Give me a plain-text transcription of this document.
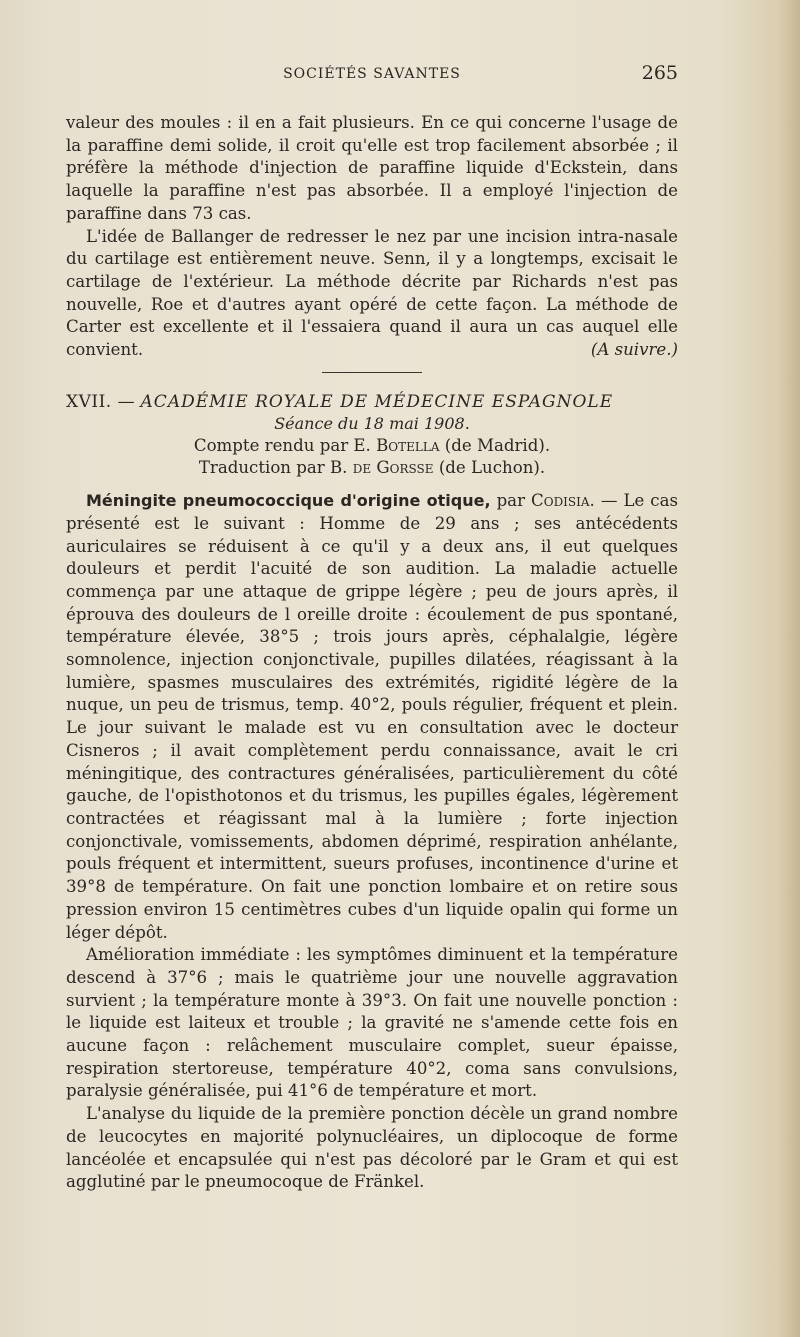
SOCIÉTÉS SAVANTES	265

valeur des moules : il en a fait plusieurs. En ce qui concerne l'usage de la paraffine demi solide, il croit qu'elle est trop facilement absorbée ; il préfère la méthode d'injection de paraffine liquide d'Eckstein, dans laquelle la paraffine n'est pas absorbée. Il a employé l'injection de paraffine dans 73 cas.

L'idée de Ballanger de redresser le nez par une incision intra-nasale du cartilage est entièrement neuve. Senn, il y a longtemps, excisait le cartilage de l'extérieur. La méthode décrite par Richards n'est pas nouvelle, Roe et d'autres ayant opéré de cette façon. La méthode de Carter est excellente et il l'essaiera quand il aura un cas auquel elle convient.	(A suivre.)

XVII. — ACADÉMIE ROYALE DE MÉDECINE ESPAGNOLE

Séance du 18 mai 1908.

Compte rendu par E. Botella (de Madrid).

Traduction par B. de Gorsse (de Luchon).

Méningite pneumococcique d'origine otique, par Codisia. — Le cas présenté est le suivant : Homme de 29 ans ; ses antécédents auriculaires se réduisent à ce qu'il y a deux ans, il eut quelques douleurs et perdit l'acuité de son audition. La maladie actuelle commença par une attaque de grippe légère ; peu de jours après, il éprouva des douleurs de l oreille droite : écoulement de pus spontané, température élevée, 38°5 ; trois jours après, céphalalgie, légère somnolence, injection conjonctivale, pupilles dilatées, réagissant à la lumière, spasmes musculaires des extrémités, rigidité légère de la nuque, un peu de trismus, temp. 40°2, pouls régulier, fréquent et plein. Le jour suivant le malade est vu en consultation avec le docteur Cisneros ; il avait complètement perdu connaissance, avait le cri méningitique, des contractures généralisées, particulièrement du côté gauche, de l'opisthotonos et du trismus, les pupilles égales, légèrement contractées et réagissant mal à la lumière ; forte injection conjonctivale, vomissements, abdomen déprimé, respiration anhélante, pouls fréquent et intermittent, sueurs profuses, incontinence d'urine et 39°8 de température. On fait une ponction lombaire et on retire sous pression environ 15 centimètres cubes d'un liquide opalin qui forme un léger dépôt.

Amélioration immédiate : les symptômes diminuent et la température descend à 37°6 ; mais le quatrième jour une nouvelle aggravation survient ; la température monte à 39°3. On fait une nouvelle ponction : le liquide est laiteux et trouble ; la gravité ne s'amende cette fois en aucune façon : relâchement musculaire complet, sueur épaisse, respiration stertoreuse, température 40°2, coma sans convulsions, paralysie généralisée, pui 41°6 de température et mort.

L'analyse du liquide de la première ponction décèle un grand nombre de leucocytes en majorité polynucléaires, un diplocoque de forme lancéolée et encapsulée qui n'est pas décoloré par le Gram et qui est agglutiné par le pneumocoque de Fränkel.
